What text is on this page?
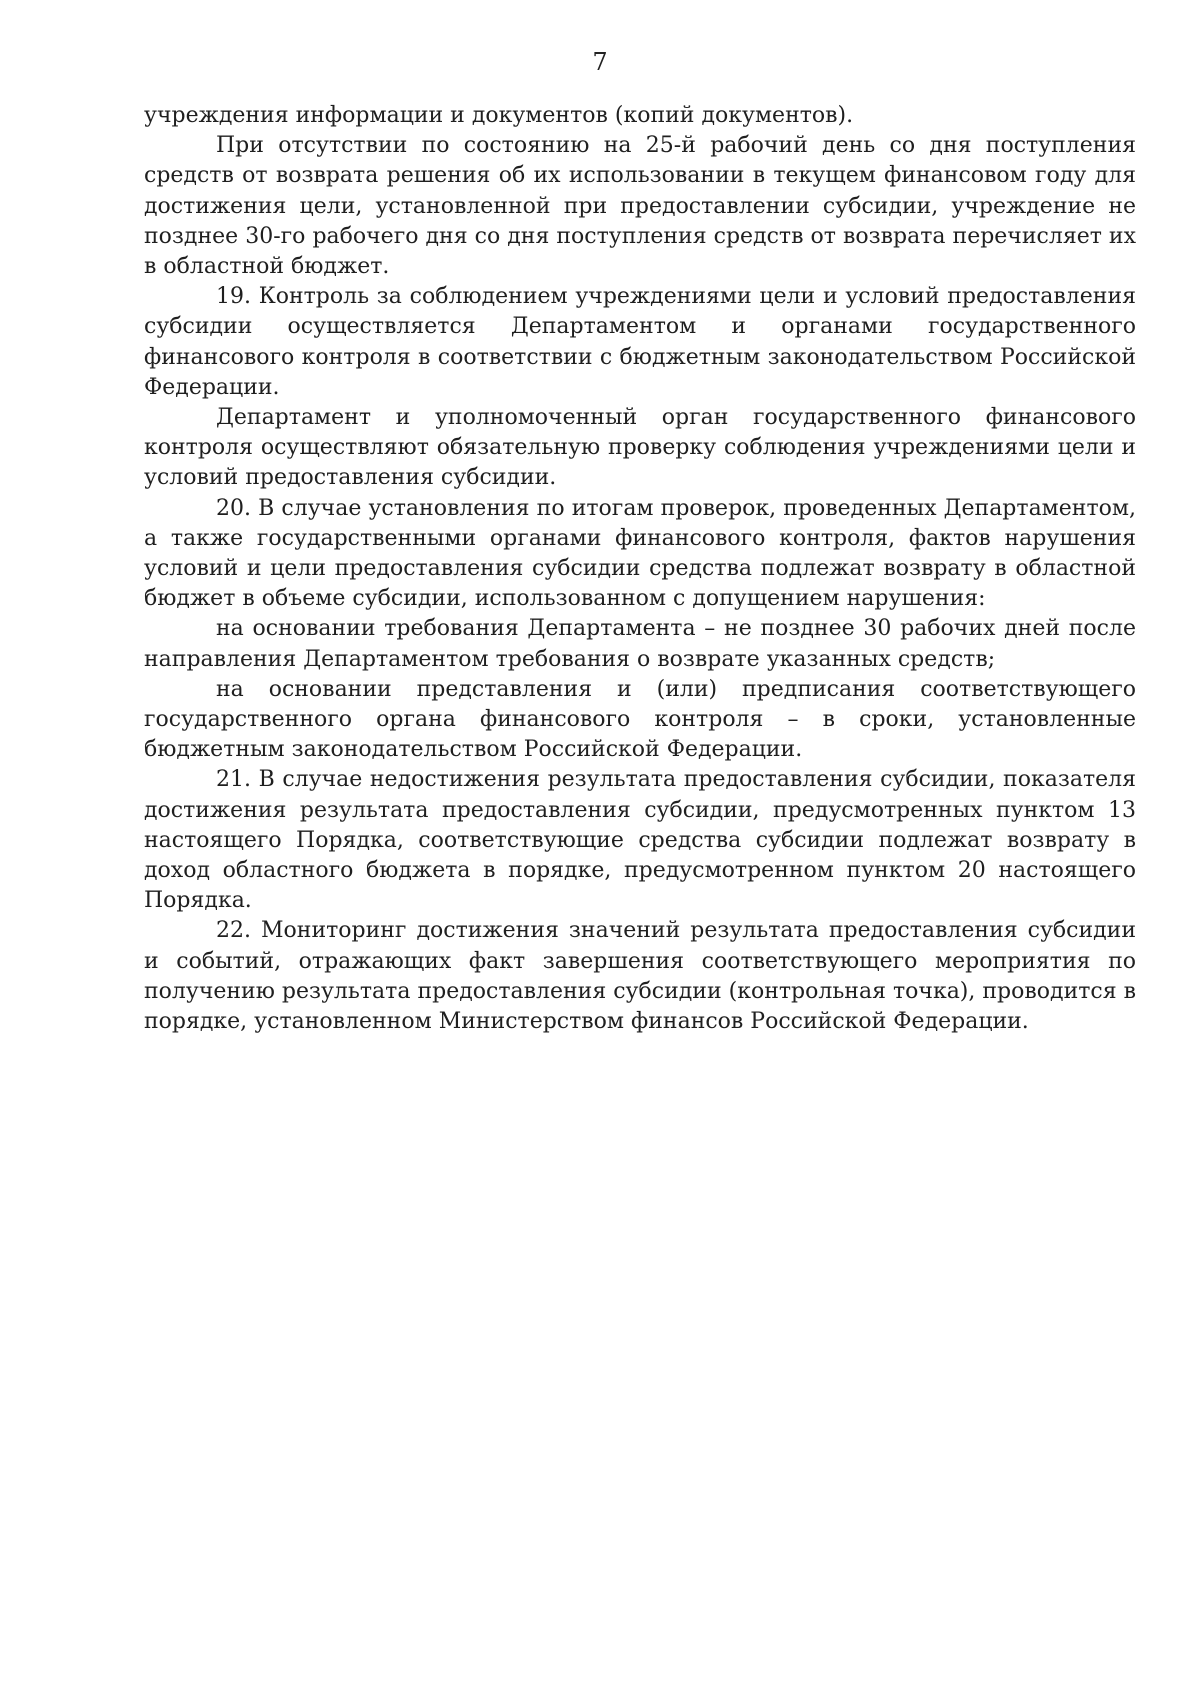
7

учреждения информации и документов (копий документов).

При отсутствии по состоянию на 25-й рабочий день со дня поступления средств от возврата решения об их использовании в текущем финансовом году для достижения цели, установленной при предоставлении субсидии, учреждение не позднее 30-го рабочего дня со дня поступления средств от возврата перечисляет их в областной бюджет.

19. Контроль за соблюдением учреждениями цели и условий предоставления субсидии осуществляется Департаментом и органами государственного финансового контроля в соответствии с бюджетным законодательством Российской Федерации.

Департамент и уполномоченный орган государственного финансового контроля осуществляют обязательную проверку соблюдения учреждениями цели и условий предоставления субсидии.

20. В случае установления по итогам проверок, проведенных Департаментом, а также государственными органами финансового контроля, фактов нарушения условий и цели предоставления субсидии средства подлежат возврату в областной бюджет в объеме субсидии, использованном с допущением нарушения:

на основании требования Департамента – не позднее 30 рабочих дней после направления Департаментом требования о возврате указанных средств;

на основании представления и (или) предписания соответствующего государственного органа финансового контроля – в сроки, установленные бюджетным законодательством Российской Федерации.

21. В случае недостижения результата предоставления субсидии, показателя достижения результата предоставления субсидии, предусмотренных пунктом 13 настоящего Порядка, соответствующие средства субсидии подлежат возврату в доход областного бюджета в порядке, предусмотренном пунктом 20 настоящего Порядка.

22. Мониторинг достижения значений результата предоставления субсидии и событий, отражающих факт завершения соответствующего мероприятия по получению результата предоставления субсидии (контрольная точка), проводится в порядке, установленном Министерством финансов Российской Федерации.
